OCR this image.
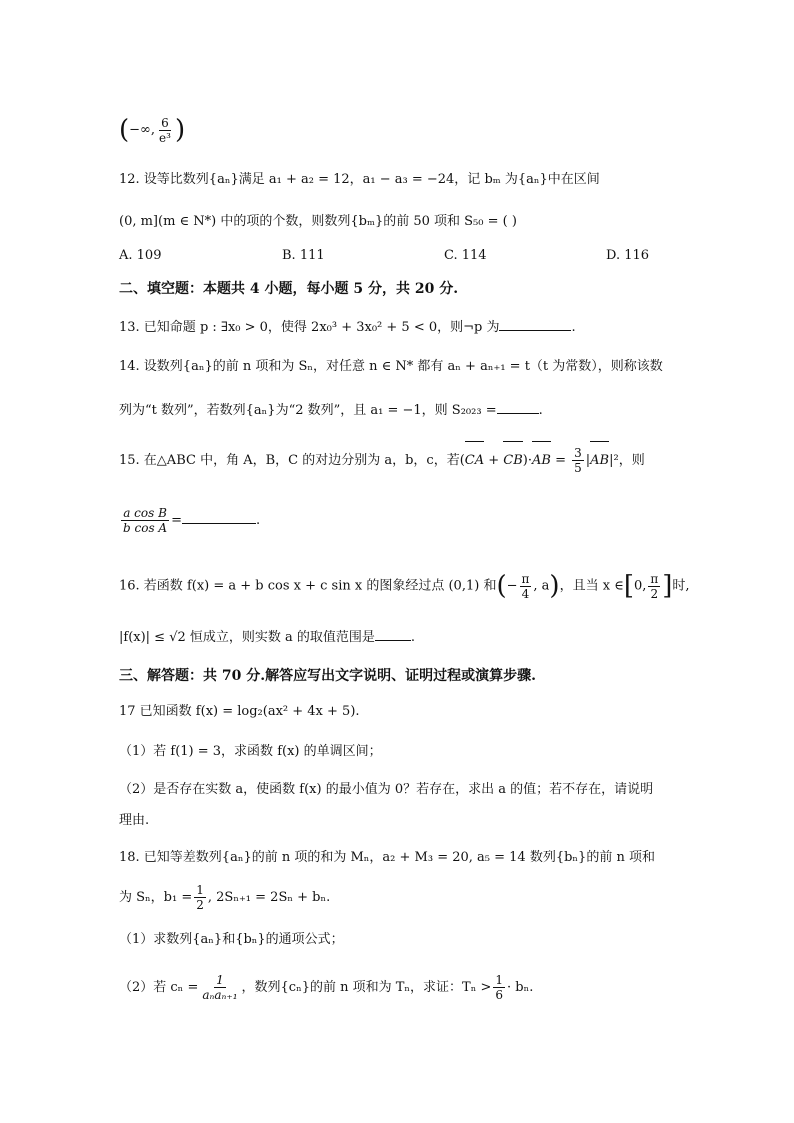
(−∞, $\frac{6}{\text{e³}}$ )
12. 设等比数列{aₙ}满足 a₁ + a₂ = 12，a₁ − a₃ = −24，记 bₘ 为{aₙ}中在区间
(0, m](m ∈ N*) 中的项的个数，则数列{bₘ}的前 50 项和 S₅₀ = ( )
A. 109	B. 111	C. 114	D. 116
二、填空题：本题共 4 小题，每小题 5 分，共 20 分.
13. 已知命题 p : ∃x₀ > 0，使得 2x₀³ + 3x₀² + 5 < 0，则¬p 为	.
14. 设数列{aₙ}的前 n 项和为 Sₙ，对任意 n ∈ N* 都有 aₙ + aₙ₊₁ = t（t 为常数），则称该数
列为“t 数列”，若数列{aₙ}为“2 数列”，且 a₁ = −1，则 S₂₀₂₃ =	.
15. 在△ABC 中，角 A，B，C 的对边分别为 a，b，c，若$(CA + CB)\cdot AB = \frac{3}{5} |AB|^2$，则
$\frac{\text{a cos B}}{\text{b cos A}}$ =	.
16. 若函数 f(x) = a + b cos x + c sin x 的图象经过点 (0,1) 和(− $\frac{\pi}{4}$ , a)，且当 x ∈[0, $\frac{\pi}{2}$ ]时,
|f(x)| ≤ √2 恒成立，则实数 a 的取值范围是	.
三、解答题：共 70 分.解答应写出文字说明、证明过程或演算步骤.
17 已知函数 f(x) = log₂(ax² + 4x + 5).
（1）若 f(1) = 3，求函数 f(x) 的单调区间；
（2）是否存在实数 a，使函数 f(x) 的最小值为 0？若存在，求出 a 的值；若不存在，请说明
理由.
18. 已知等差数列{aₙ}的前 n 项的和为 Mₙ，a₂ + M₃ = 20, a₅ = 14 数列{bₙ}的前 n 项和
为 Sₙ，$b_1 = \frac{1}{2}$ , 2Sₙ₊₁ = 2Sₙ + bₙ.
（1）求数列{aₙ}和{bₙ}的通项公式；
（2）若 $c_n = \frac{1}{\text{aₙaₙ₊₁}}$ ，数列{cₙ}的前 n 项和为 Tₙ，求证：$T_n > \frac{1}{6} \cdot b_n$.
